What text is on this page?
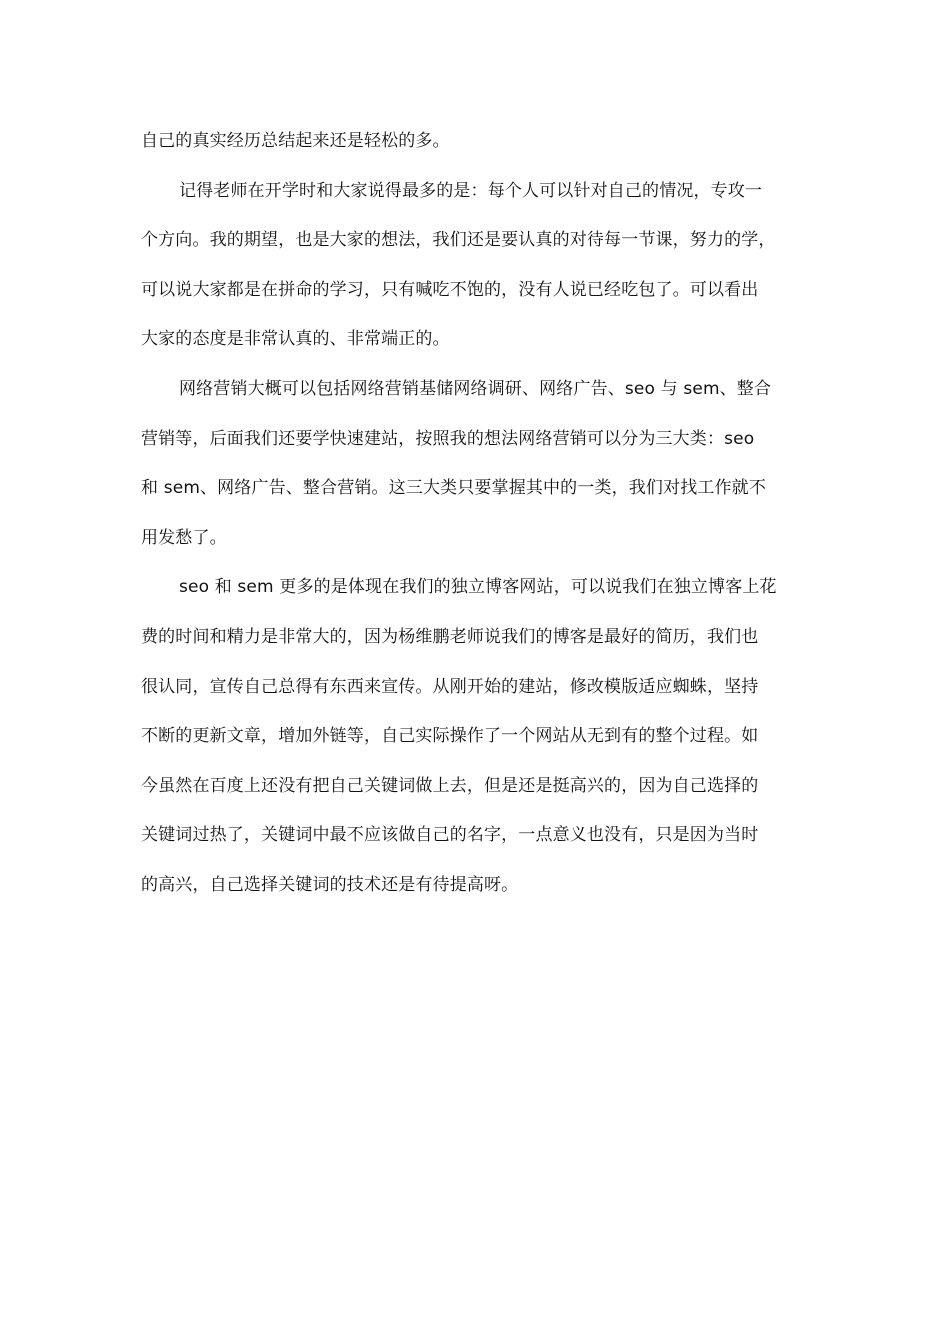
自己的真实经历总结起来还是轻松的多。
记得老师在开学时和大家说得最多的是：每个人可以针对自己的情况，专攻一
个方向。我的期望，也是大家的想法，我们还是要认真的对待每一节课，努力的学，
可以说大家都是在拼命的学习，只有喊吃不饱的，没有人说已经吃包了。可以看出
大家的态度是非常认真的、非常端正的。
网络营销大概可以包括网络营销基储网络调研、网络广告、seo 与 sem、整合
营销等，后面我们还要学快速建站，按照我的想法网络营销可以分为三大类：seo
和 sem、网络广告、整合营销。这三大类只要掌握其中的一类，我们对找工作就不
用发愁了。
seo 和 sem 更多的是体现在我们的独立博客网站，可以说我们在独立博客上花
费的时间和精力是非常大的，因为杨维鹏老师说我们的博客是最好的简历，我们也
很认同，宣传自己总得有东西来宣传。从刚开始的建站，修改模版适应蜘蛛，坚持
不断的更新文章，增加外链等，自己实际操作了一个网站从无到有的整个过程。如
今虽然在百度上还没有把自己关键词做上去，但是还是挺高兴的，因为自己选择的
关键词过热了，关键词中最不应该做自己的名字，一点意义也没有，只是因为当时
的高兴，自己选择关键词的技术还是有待提高呀。
